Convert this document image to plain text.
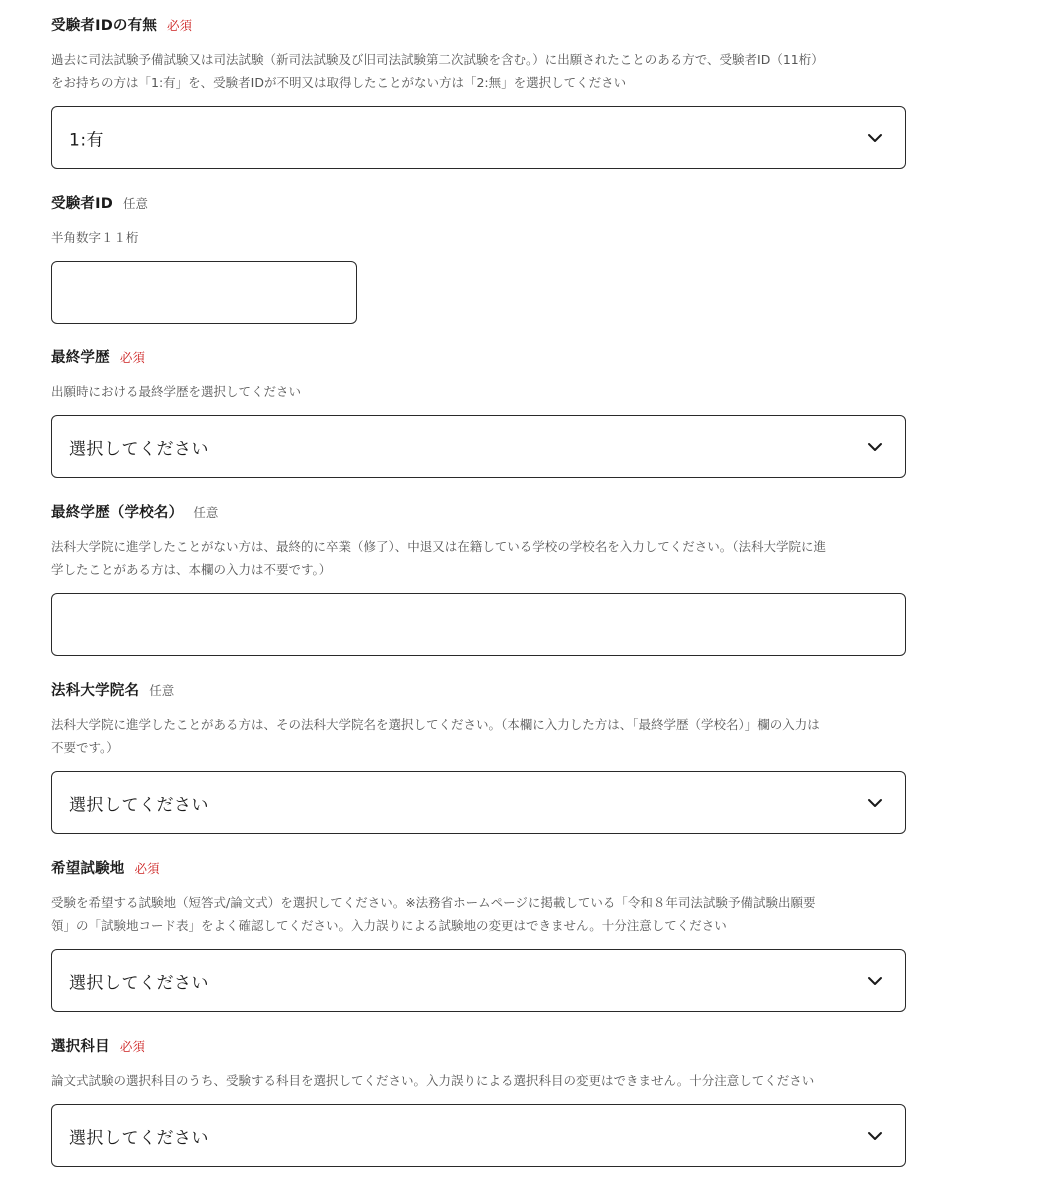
受験者IDの有無 必須
過去に司法試験予備試験又は司法試験（新司法試験及び旧司法試験第二次試験を含む。）に出願されたことのある方で、受験者ID（11桁）
をお持ちの方は「1:有」を、受験者IDが不明又は取得したことがない方は「2:無」を選択してください
1:有
受験者ID 任意
半角数字１１桁
最終学歴 必須
出願時における最終学歴を選択してください
選択してください
最終学歴（学校名） 任意
法科大学院に進学したことがない方は、最終的に卒業（修了）、中退又は在籍している学校の学校名を入力してください。（法科大学院に進
学したことがある方は、本欄の入力は不要です。）
法科大学院名 任意
法科大学院に進学したことがある方は、その法科大学院名を選択してください。（本欄に入力した方は、「最終学歴（学校名）」欄の入力は
不要です。）
選択してください
希望試験地 必須
受験を希望する試験地（短答式/論文式）を選択してください。※法務省ホームページに掲載している「令和８年司法試験予備試験出願要
領」の「試験地コード表」をよく確認してください。入力誤りによる試験地の変更はできません。十分注意してください
選択してください
選択科目 必須
論文式試験の選択科目のうち、受験する科目を選択してください。入力誤りによる選択科目の変更はできません。十分注意してください
選択してください
